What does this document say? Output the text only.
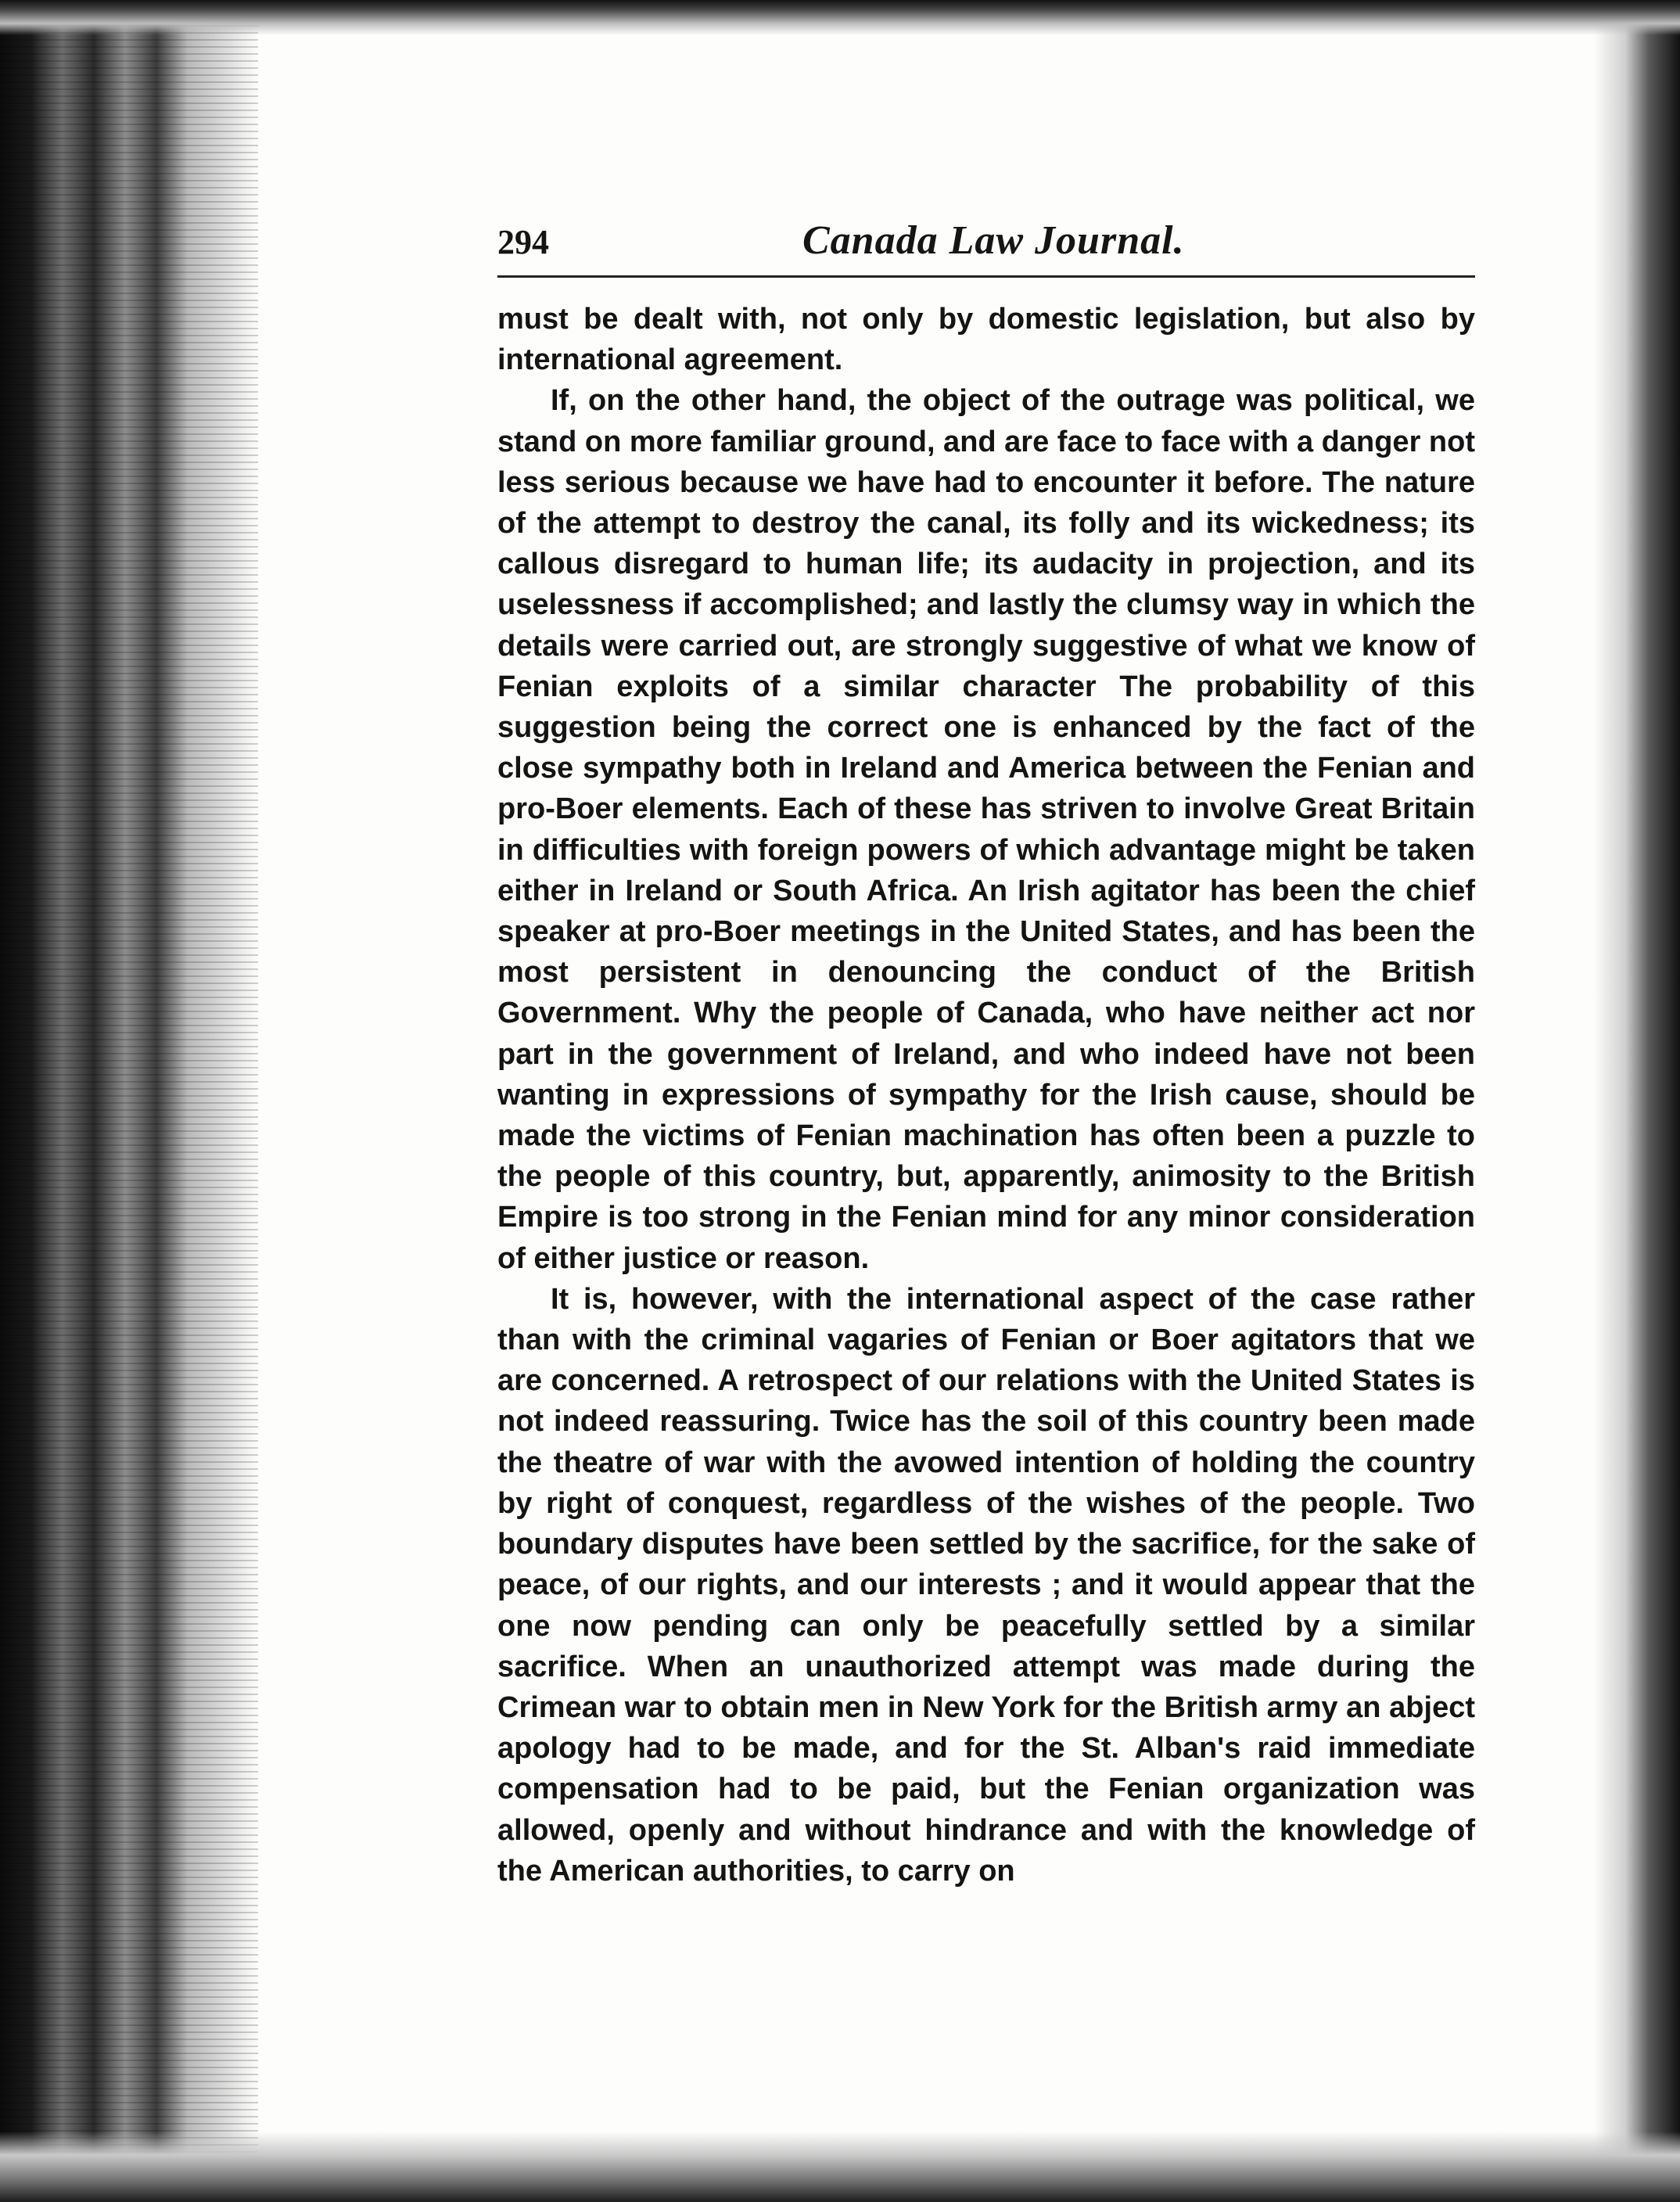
294	Canada Law Journal.

must be dealt with, not only by domestic legislation, but also by international agreement.

If, on the other hand, the object of the outrage was political, we stand on more familiar ground, and are face to face with a danger not less serious because we have had to encounter it before. The nature of the attempt to destroy the canal, its folly and its wickedness; its callous disregard to human life; its audacity in projection, and its uselessness if accomplished; and lastly the clumsy way in which the details were carried out, are strongly suggestive of what we know of Fenian exploits of a similar character The probability of this suggestion being the correct one is enhanced by the fact of the close sympathy both in Ireland and America between the Fenian and pro-Boer elements. Each of these has striven to involve Great Britain in difficulties with foreign powers of which advantage might be taken either in Ireland or South Africa. An Irish agitator has been the chief speaker at pro-Boer meetings in the United States, and has been the most persistent in denouncing the conduct of the British Government. Why the people of Canada, who have neither act nor part in the government of Ireland, and who indeed have not been wanting in expressions of sympathy for the Irish cause, should be made the victims of Fenian machination has often been a puzzle to the people of this country, but, apparently, animosity to the British Empire is too strong in the Fenian mind for any minor consideration of either justice or reason.

It is, however, with the international aspect of the case rather than with the criminal vagaries of Fenian or Boer agitators that we are concerned. A retrospect of our relations with the United States is not indeed reassuring. Twice has the soil of this country been made the theatre of war with the avowed intention of holding the country by right of conquest, regardless of the wishes of the people. Two boundary disputes have been settled by the sacrifice, for the sake of peace, of our rights, and our interests ; and it would appear that the one now pending can only be peacefully settled by a similar sacrifice. When an unauthorized attempt was made during the Crimean war to obtain men in New York for the British army an abject apology had to be made, and for the St. Alban's raid immediate compensation had to be paid, but the Fenian organization was allowed, openly and without hindrance and with the knowledge of the American authorities, to carry on
